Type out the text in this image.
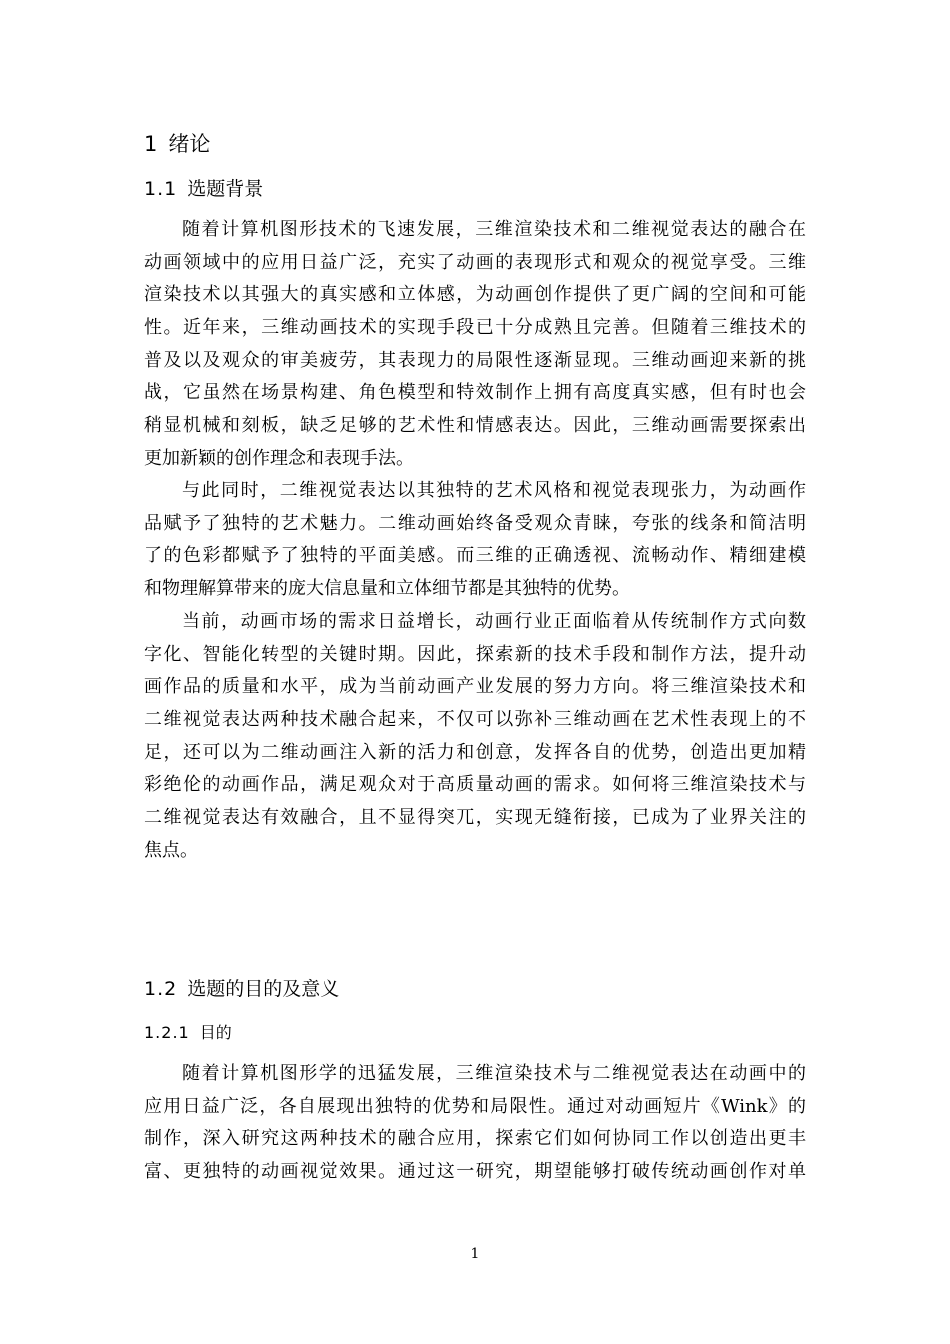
1 绪论
1.1 选题背景
随着计算机图形技术的飞速发展，三维渲染技术和二维视觉表达的融合在
动画领域中的应用日益广泛，充实了动画的表现形式和观众的视觉享受。三维
渲染技术以其强大的真实感和立体感，为动画创作提供了更广阔的空间和可能
性。近年来，三维动画技术的实现手段已十分成熟且完善。但随着三维技术的
普及以及观众的审美疲劳，其表现力的局限性逐渐显现。三维动画迎来新的挑
战，它虽然在场景构建、角色模型和特效制作上拥有高度真实感，但有时也会
稍显机械和刻板，缺乏足够的艺术性和情感表达。因此，三维动画需要探索出
更加新颖的创作理念和表现手法。
与此同时，二维视觉表达以其独特的艺术风格和视觉表现张力，为动画作
品赋予了独特的艺术魅力。二维动画始终备受观众青睐，夸张的线条和简洁明
了的色彩都赋予了独特的平面美感。而三维的正确透视、流畅动作、精细建模
和物理解算带来的庞大信息量和立体细节都是其独特的优势。
当前，动画市场的需求日益增长，动画行业正面临着从传统制作方式向数
字化、智能化转型的关键时期。因此，探索新的技术手段和制作方法，提升动
画作品的质量和水平，成为当前动画产业发展的努力方向。将三维渲染技术和
二维视觉表达两种技术融合起来，不仅可以弥补三维动画在艺术性表现上的不
足，还可以为二维动画注入新的活力和创意，发挥各自的优势，创造出更加精
彩绝伦的动画作品，满足观众对于高质量动画的需求。如何将三维渲染技术与
二维视觉表达有效融合，且不显得突兀，实现无缝衔接，已成为了业界关注的
焦点。
1.2 选题的目的及意义
1.2.1 目的
随着计算机图形学的迅猛发展，三维渲染技术与二维视觉表达在动画中的
应用日益广泛，各自展现出独特的优势和局限性。通过对动画短片《Wink》的
制作，深入研究这两种技术的融合应用，探索它们如何协同工作以创造出更丰
富、更独特的动画视觉效果。通过这一研究，期望能够打破传统动画创作对单
1
